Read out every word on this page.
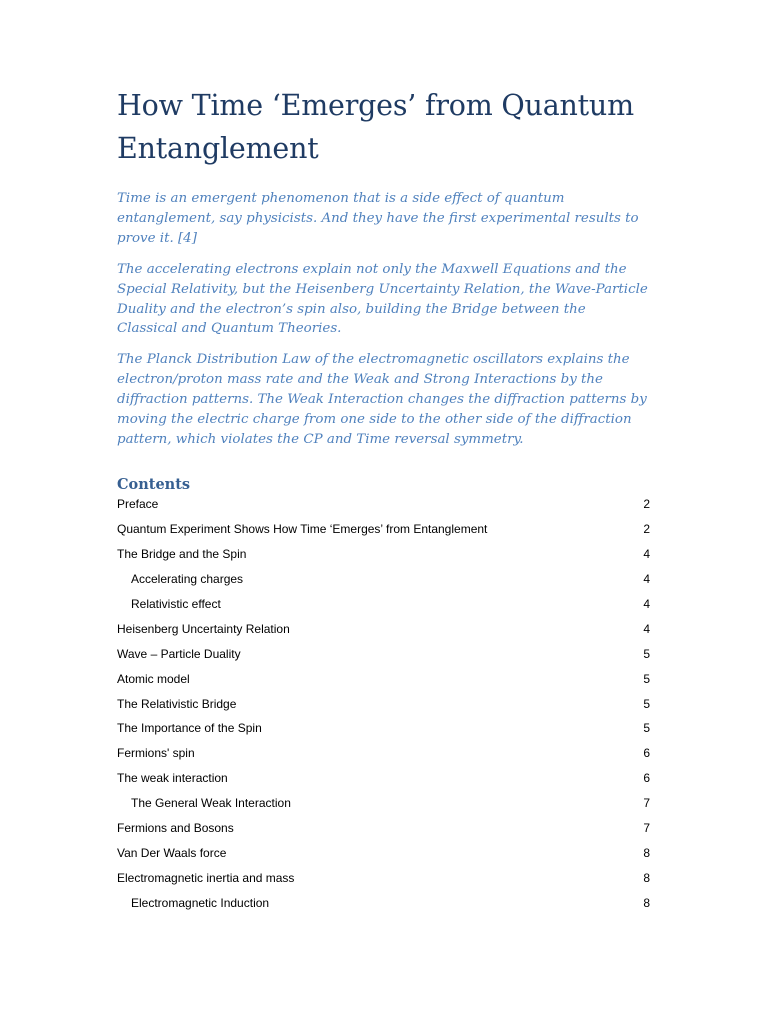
How Time ‘Emerges’ from Quantum Entanglement

Time is an emergent phenomenon that is a side effect of quantum entanglement, say physicists. And they have the first experimental results to prove it. [4]

The accelerating electrons explain not only the Maxwell Equations and the Special Relativity, but the Heisenberg Uncertainty Relation, the Wave-Particle Duality and the electron’s spin also, building the Bridge between the Classical and Quantum Theories.

The Planck Distribution Law of the electromagnetic oscillators explains the electron/proton mass rate and the Weak and Strong Interactions by the diffraction patterns. The Weak Interaction changes the diffraction patterns by moving the electric charge from one side to the other side of the diffraction pattern, which violates the CP and Time reversal symmetry.

Contents
Preface	2
Quantum Experiment Shows How Time ‘Emerges’ from Entanglement	2
The Bridge and the Spin	4
Accelerating charges	4
Relativistic effect	4
Heisenberg Uncertainty Relation	4
Wave – Particle Duality	5
Atomic model	5
The Relativistic Bridge	5
The Importance of the Spin	5
Fermions' spin	6
The weak interaction	6
The General Weak Interaction	7
Fermions and Bosons	7
Van Der Waals force	8
Electromagnetic inertia and mass	8
Electromagnetic Induction	8
